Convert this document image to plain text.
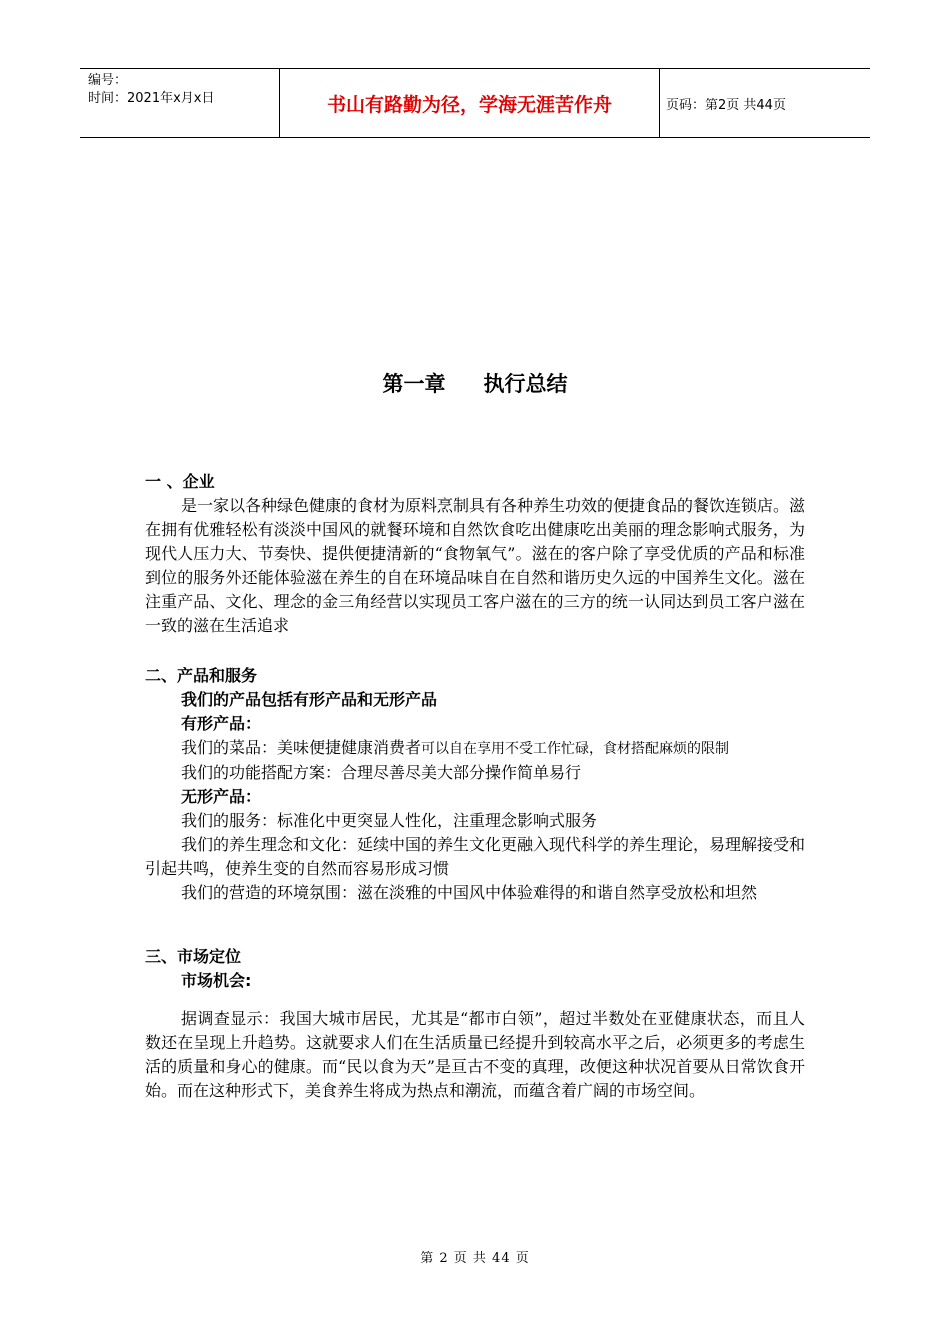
编号：
时间：2021年x月x日	书山有路勤为径，学海无涯苦作舟	页码：第2页 共44页
第一章 执行总结
一 、企业
是一家以各种绿色健康的食材为原料烹制具有各种养生功效的便捷食品的餐饮连锁店。滋在拥有优雅轻松有淡淡中国风的就餐环境和自然饮食吃出健康吃出美丽的理念影响式服务，为现代人压力大、节奏快、提供便捷清新的“食物氧气”。滋在的客户除了享受优质的产品和标准到位的服务外还能体验滋在养生的自在环境品味自在自然和谐历史久远的中国养生文化。滋在注重产品、文化、理念的金三角经营以实现员工客户滋在的三方的统一认同达到员工客户滋在一致的滋在生活追求
二、产品和服务
我们的产品包括有形产品和无形产品
有形产品：
我们的菜品：美味便捷健康消费者可以自在享用不受工作忙碌，食材搭配麻烦的限制
我们的功能搭配方案：合理尽善尽美大部分操作简单易行
无形产品：
我们的服务：标准化中更突显人性化，注重理念影响式服务
我们的养生理念和文化：延续中国的养生文化更融入现代科学的养生理论，易理解接受和引起共鸣，使养生变的自然而容易形成习惯
我们的营造的环境氛围：滋在淡雅的中国风中体验难得的和谐自然享受放松和坦然
三、市场定位
市场机会:
据调查显示：我国大城市居民，尤其是“都市白领”，超过半数处在亚健康状态，而且人数还在呈现上升趋势。这就要求人们在生活质量已经提升到较高水平之后，必须更多的考虑生活的质量和身心的健康。而“民以食为天”是亘古不变的真理，改便这种状况首要从日常饮食开始。而在这种形式下，美食养生将成为热点和潮流，而蕴含着广阔的市场空间。
第 2 页 共 44 页
